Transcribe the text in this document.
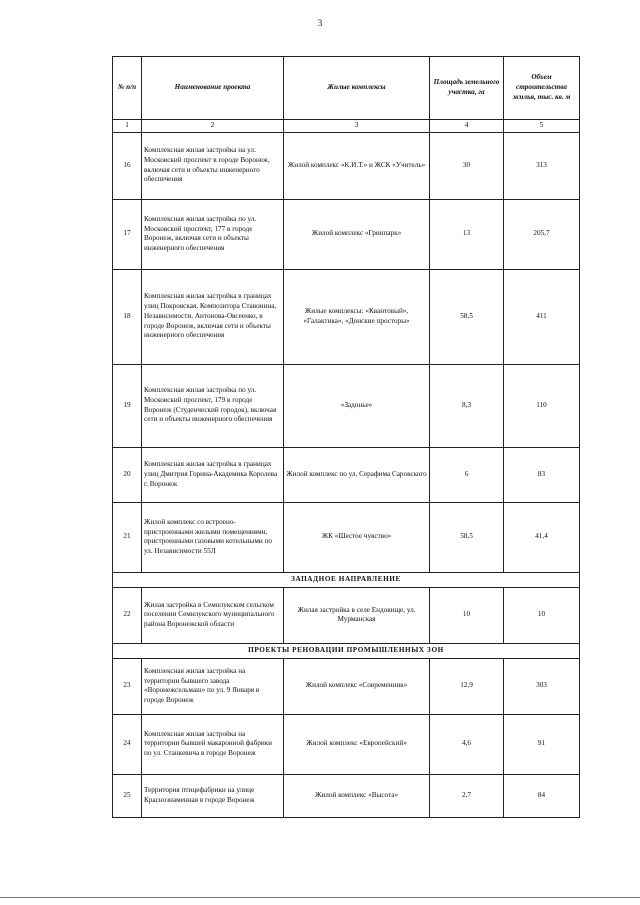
3
№ п/п	Наименование проекта	Жилые комплексы	Площадь земельного участка, га	Объем строительства жилья, тыс. кв. м
1	2	3	4	5
16	Комплексная жилая застройка на ул. Московский проспект в городе Воронеж, включая сети и объекты инженерного обеспечения	Жилой комплекс «К.И.Т.» и ЖСК «Учитель»	30	313
17	Комплексная жилая застройка по ул. Московский проспект, 177 в городе Воронеж, включая сети и объекты инженерного обеспечения	Жилой комплекс «Гринпарк»	13	205,7
18	Комплексная жилая застройка в границах улиц Покровская, Композитора Ставонина, Независимости, Антонова-Овсеенко, в городе Воронеж, включая сети и объекты инженерного обеспечения	Жилые комплексы: «Квантовый», «Галактика», «Донские просторы»	58,5	411
19	Комплексная жилая застройка по ул. Московский проспект, 179 в городе Воронеж (Студенческий городок), включая сети и объекты инженерного обеспечения	«Задонье»	8,3	110
20	Комплексная жилая застройка в границах улиц Дмитрия Горина-Академика Королева г. Воронеж	Жилой комплекс по ул. Серафима Саровского	6	83
21	Жилой комплекс со встроено-пристроенными жилыми помещениями, пристроенными газовыми котельными по ул. Независимости 55Л	ЖК «Шестое чувство»	58,5	41,4
ЗАПАДНОЕ НАПРАВЛЕНИЕ				
22	Жилая застройка в Семилукском сельском поселении Семилукского муниципального района Воронежской области	Жилая застройка в селе Ендовище, ул. Мурманская	10	10
ПРОЕКТЫ РЕНОВАЦИИ ПРОМЫШЛЕННЫХ ЗОН				
23	Комплексная жилая застройка на территории бывшего завода «Воронежсельмаш» по ул. 9 Января в городе Воронеж	Жилой комплекс «Современник»	12,9	303
24	Комплексная жилая застройка на территории бывшей макаронной фабрики по ул. Станкевича в городе Воронеж	Жилой комплекс «Европейский»	4,6	91
25	Территория птицефабрики на улице Краснознаменная в городе Воронеж	Жилой комплекс «Высота»	2,7	84
